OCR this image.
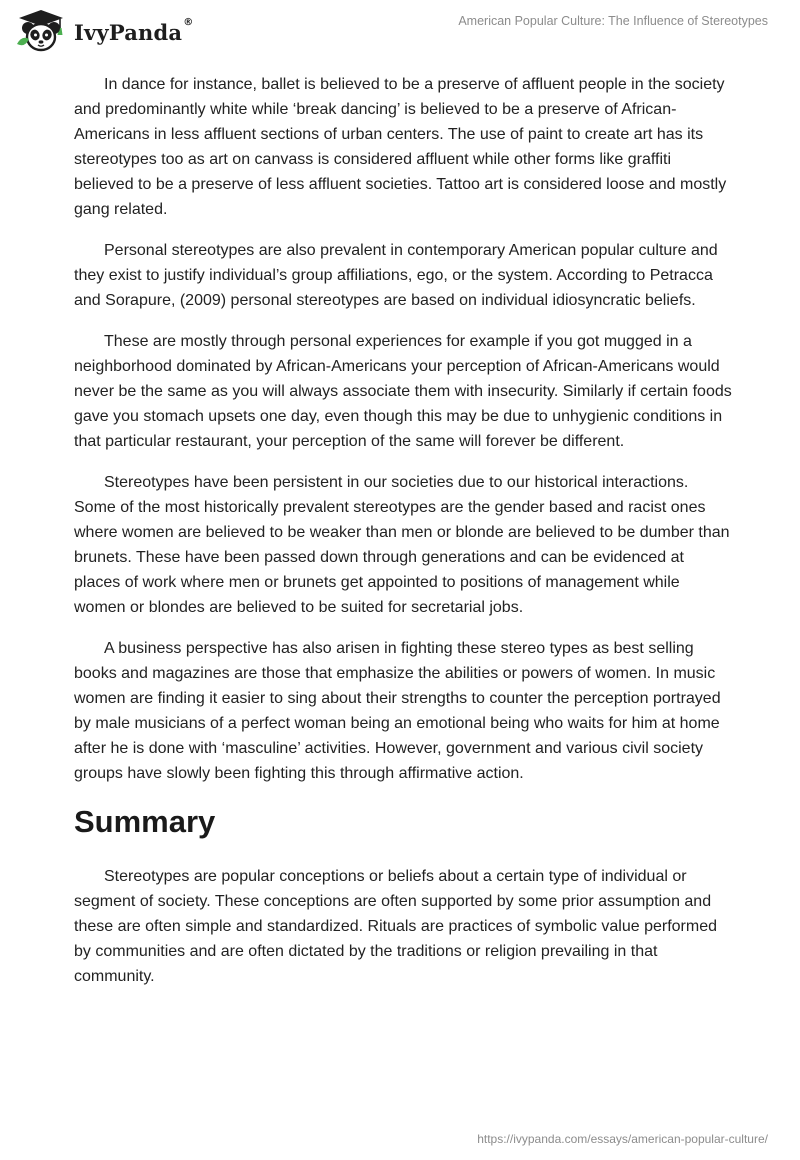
IvyPanda ®	American Popular Culture: The Influence of Stereotypes

In dance for instance, ballet is believed to be a preserve of affluent people in the society and predominantly white while ‘break dancing’ is believed to be a preserve of African-Americans in less affluent sections of urban centers. The use of paint to create art has its stereotypes too as art on canvass is considered affluent while other forms like graffiti believed to be a preserve of less affluent societies. Tattoo art is considered loose and mostly gang related.

Personal stereotypes are also prevalent in contemporary American popular culture and they exist to justify individual’s group affiliations, ego, or the system. According to Petracca and Sorapure, (2009) personal stereotypes are based on individual idiosyncratic beliefs.

These are mostly through personal experiences for example if you got mugged in a neighborhood dominated by African-Americans your perception of African-Americans would never be the same as you will always associate them with insecurity. Similarly if certain foods gave you stomach upsets one day, even though this may be due to unhygienic conditions in that particular restaurant, your perception of the same will forever be different.

Stereotypes have been persistent in our societies due to our historical interactions. Some of the most historically prevalent stereotypes are the gender based and racist ones where women are believed to be weaker than men or blonde are believed to be dumber than brunets. These have been passed down through generations and can be evidenced at places of work where men or brunets get appointed to positions of management while women or blondes are believed to be suited for secretarial jobs.

A business perspective has also arisen in fighting these stereo types as best selling books and magazines are those that emphasize the abilities or powers of women. In music women are finding it easier to sing about their strengths to counter the perception portrayed by male musicians of a perfect woman being an emotional being who waits for him at home after he is done with ‘masculine’ activities. However, government and various civil society groups have slowly been fighting this through affirmative action.

Summary

Stereotypes are popular conceptions or beliefs about a certain type of individual or segment of society. These conceptions are often supported by some prior assumption and these are often simple and standardized. Rituals are practices of symbolic value performed by communities and are often dictated by the traditions or religion prevailing in that community.

https://ivypanda.com/essays/american-popular-culture/
